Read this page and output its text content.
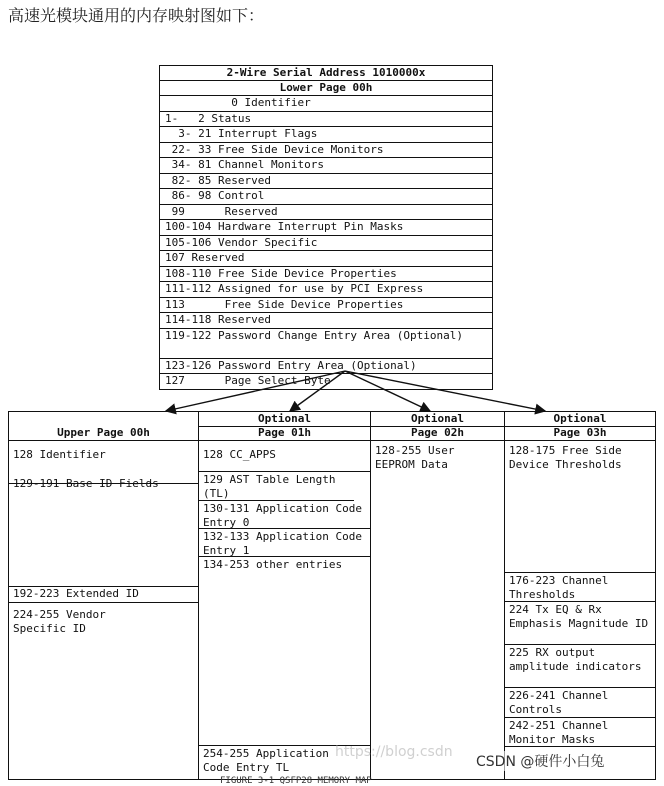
高速光模块通用的内存映射图如下：
2-Wire Serial Address 1010000x
Lower Page 00h
0 Identifier
1-   2 Status
3- 21 Interrupt Flags
22- 33 Free Side Device Monitors
34- 81 Channel Monitors
82- 85 Reserved
86- 98 Control
99      Reserved
100-104 Hardware Interrupt Pin Masks
105-106 Vendor Specific
107 Reserved
108-110 Free Side Device Properties
111-112 Assigned for use by PCI Express
113      Free Side Device Properties
114-118 Reserved
119-122 Password Change Entry Area (Optional)
123-126 Password Entry Area (Optional)
127      Page Select Byte
Upper Page 00h
128 Identifier
129-191 Base ID Fields
192-223 Extended ID
224-255 Vendor Specific ID
Optional
Page 01h
128 CC_APPS
129 AST Table Length (TL)
130-131 Application Code Entry 0
132-133 Application Code Entry 1
134-253 other entries
254-255 Application Code Entry TL
Optional
Page 02h
128-255 User EEPROM Data
Optional
Page 03h
128-175 Free Side Device Thresholds
176-223 Channel Thresholds
224 Tx EQ & Rx Emphasis Magnitude ID
225 RX output amplitude indicators
226-241 Channel Controls
242-251 Channel Monitor Masks
https://blog.csdn
CSDN @硬件小白兔
FIGURE 3-1 QSFP28 MEMORY MAP
